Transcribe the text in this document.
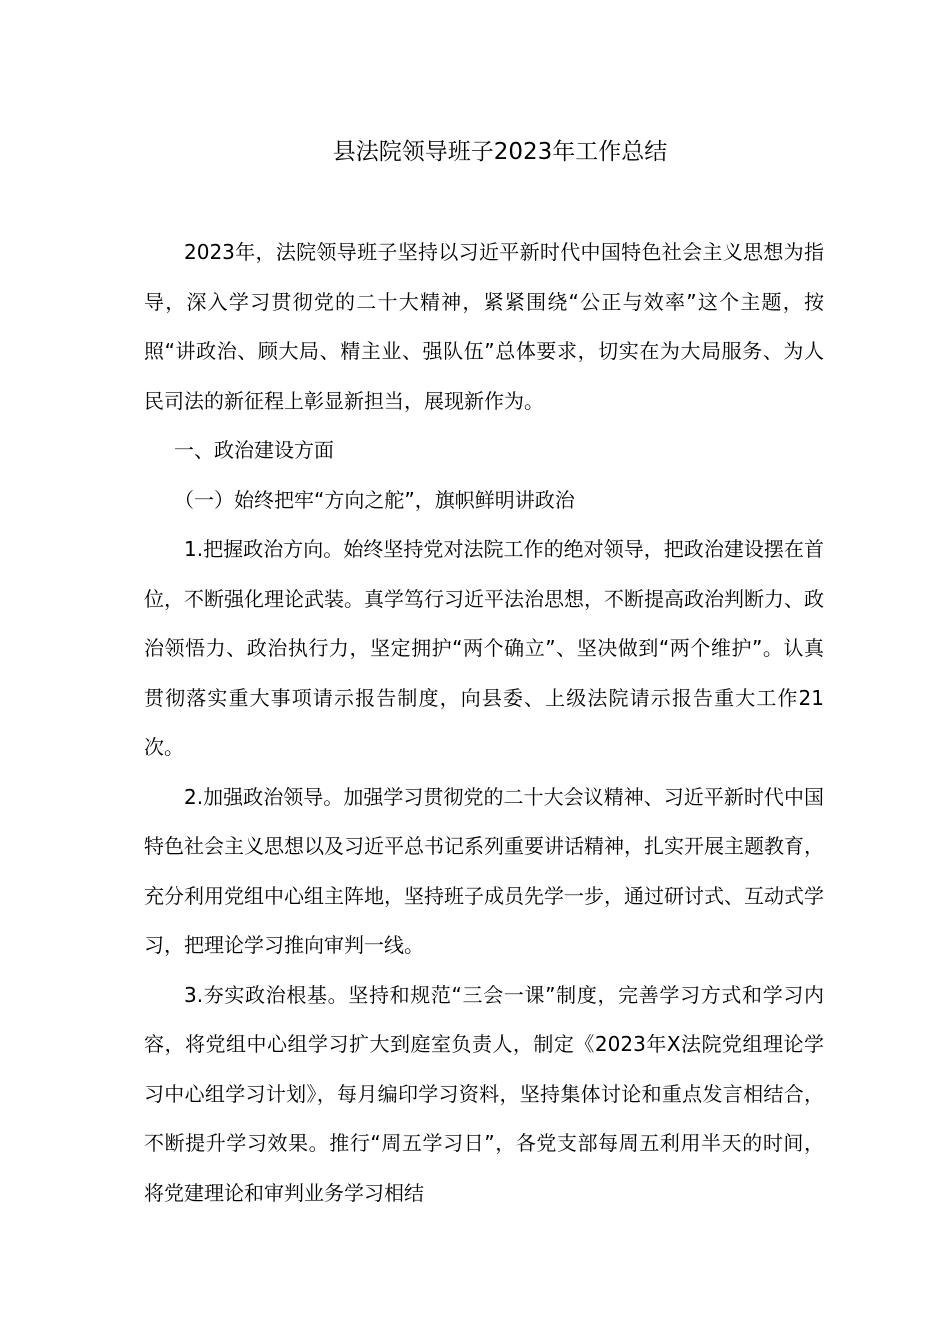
县法院领导班子2023年工作总结

2023年，法院领导班子坚持以习近平新时代中国特色社会主义思想为指导，深入学习贯彻党的二十大精神，紧紧围绕“公正与效率”这个主题，按照“讲政治、顾大局、精主业、强队伍”总体要求，切实在为大局服务、为人民司法的新征程上彰显新担当，展现新作为。

一、政治建设方面

（一）始终把牢“方向之舵”，旗帜鲜明讲政治

1.把握政治方向。始终坚持党对法院工作的绝对领导，把政治建设摆在首位，不断强化理论武装。真学笃行习近平法治思想，不断提高政治判断力、政治领悟力、政治执行力，坚定拥护“两个确立”、坚决做到“两个维护”。认真贯彻落实重大事项请示报告制度，向县委、上级法院请示报告重大工作21次。

2.加强政治领导。加强学习贯彻党的二十大会议精神、习近平新时代中国特色社会主义思想以及习近平总书记系列重要讲话精神，扎实开展主题教育，充分利用党组中心组主阵地，坚持班子成员先学一步，通过研讨式、互动式学习，把理论学习推向审判一线。

3.夯实政治根基。坚持和规范“三会一课”制度，完善学习方式和学习内容，将党组中心组学习扩大到庭室负责人，制定《2023年X法院党组理论学习中心组学习计划》，每月编印学习资料，坚持集体讨论和重点发言相结合，不断提升学习效果。推行“周五学习日”，各党支部每周五利用半天的时间，将党建理论和审判业务学习相结
